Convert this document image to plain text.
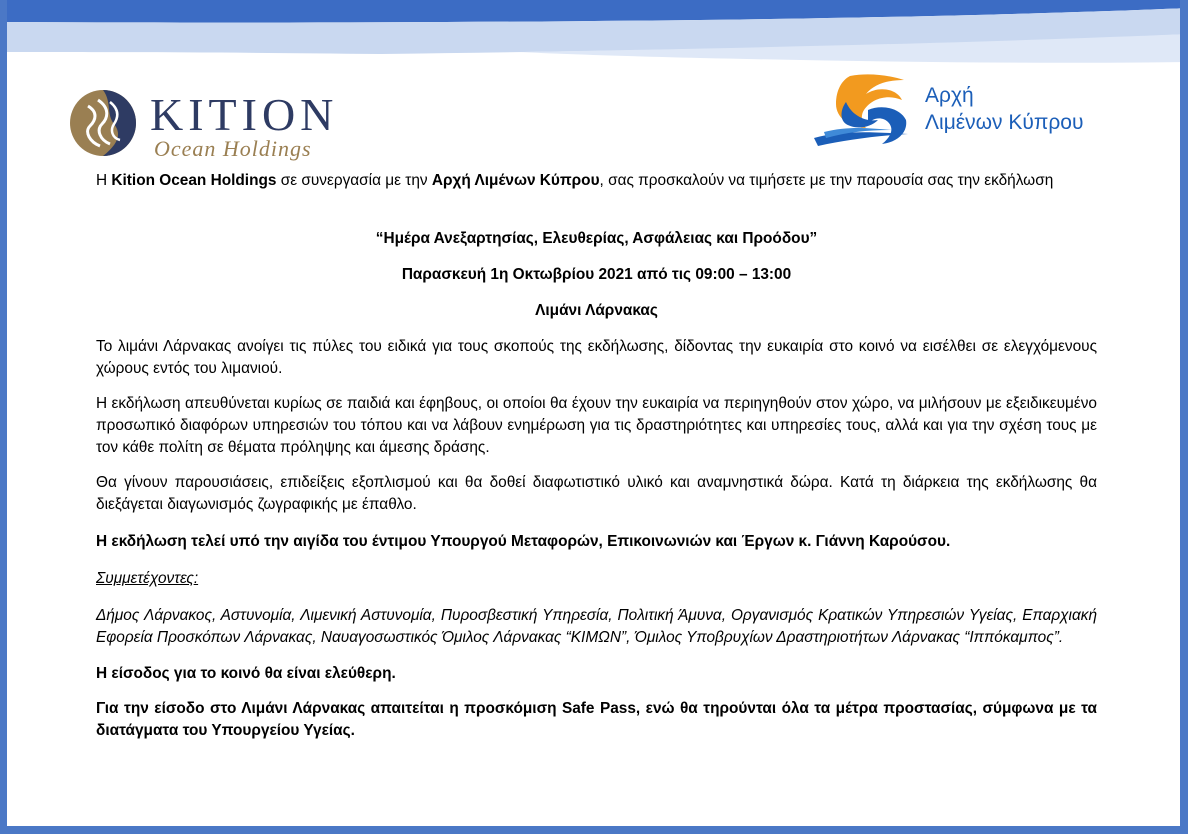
KITION
Ocean Holdings
Αρχή
Λιμένων Κύπρου

Η Kition Ocean Holdings σε συνεργασία με την Αρχή Λιμένων Κύπρου, σας προσκαλούν να τιμήσετε με την παρουσία σας την εκδήλωση

“Ημέρα Ανεξαρτησίας, Ελευθερίας, Ασφάλειας και Προόδου”

Παρασκευή 1η Οκτωβρίου 2021 από τις 09:00 – 13:00

Λιμάνι Λάρνακας

Το λιμάνι Λάρνακας ανοίγει τις πύλες του ειδικά για τους σκοπούς της εκδήλωσης, δίδοντας την ευκαιρία στο κοινό να εισέλθει σε ελεγχόμενους χώρους εντός του λιμανιού.

Η εκδήλωση απευθύνεται κυρίως σε παιδιά και έφηβους, οι οποίοι θα έχουν την ευκαιρία να περιηγηθούν στον χώρο, να μιλήσουν με εξειδικευμένο προσωπικό διαφόρων υπηρεσιών του τόπου και να λάβουν ενημέρωση για τις δραστηριότητες και υπηρεσίες τους, αλλά και για την σχέση τους με τον κάθε πολίτη σε θέματα πρόληψης και άμεσης δράσης.

Θα γίνουν παρουσιάσεις, επιδείξεις εξοπλισμού και θα δοθεί διαφωτιστικό υλικό και αναμνηστικά δώρα. Κατά τη διάρκεια της εκδήλωσης θα διεξάγεται διαγωνισμός ζωγραφικής με έπαθλο.

Η εκδήλωση τελεί υπό την αιγίδα του έντιμου Υπουργού Μεταφορών, Επικοινωνιών και Έργων κ. Γιάννη Καρούσου.

Συμμετέχοντες:

Δήμος Λάρνακος, Αστυνομία, Λιμενική Αστυνομία, Πυροσβεστική Υπηρεσία, Πολιτική Άμυνα, Οργανισμός Κρατικών Υπηρεσιών Υγείας, Επαρχιακή Εφορεία Προσκόπων Λάρνακας, Ναυαγοσωστικός Όμιλος Λάρνακας “ΚΙΜΩΝ”, Όμιλος Υποβρυχίων Δραστηριοτήτων Λάρνακας “Ιππόκαμπος”.

Η είσοδος για το κοινό θα είναι ελεύθερη.

Για την είσοδο στο Λιμάνι Λάρνακας απαιτείται η προσκόμιση Safe Pass, ενώ θα τηρούνται όλα τα μέτρα προστασίας, σύμφωνα με τα διατάγματα του Υπουργείου Υγείας.
